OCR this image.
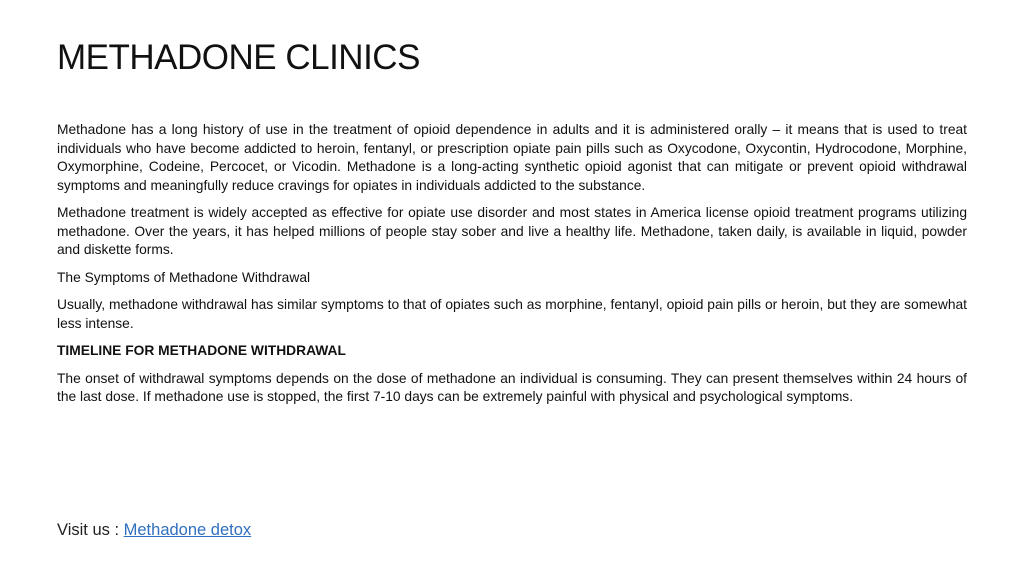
METHADONE CLINICS

Methadone has a long history of use in the treatment of opioid dependence in adults and it is administered orally – it means that is used to treat individuals who have become addicted to heroin, fentanyl, or prescription opiate pain pills such as Oxycodone, Oxycontin, Hydrocodone, Morphine, Oxymorphine, Codeine, Percocet, or Vicodin. Methadone is a long-acting synthetic opioid agonist that can mitigate or prevent opioid withdrawal symptoms and meaningfully reduce cravings for opiates in individuals addicted to the substance.

Methadone treatment is widely accepted as effective for opiate use disorder and most states in America license opioid treatment programs utilizing methadone. Over the years, it has helped millions of people stay sober and live a healthy life. Methadone, taken daily, is available in liquid, powder and diskette forms.

The Symptoms of Methadone Withdrawal

Usually, methadone withdrawal has similar symptoms to that of opiates such as morphine, fentanyl, opioid pain pills or heroin, but they are somewhat less intense.

TIMELINE FOR METHADONE WITHDRAWAL

The onset of withdrawal symptoms depends on the dose of methadone an individual is consuming. They can present themselves within 24 hours of the last dose. If methadone use is stopped, the first 7-10 days can be extremely painful with physical and psychological symptoms.

Visit us : Methadone detox
